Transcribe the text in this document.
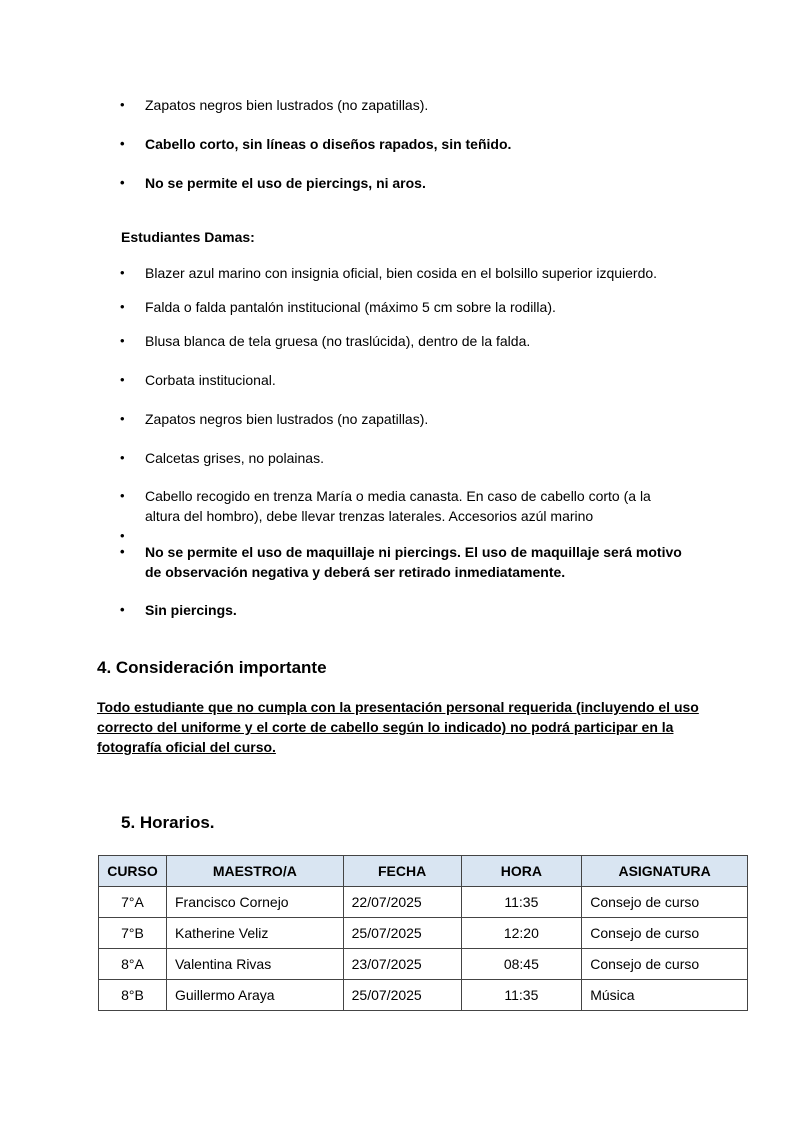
• Zapatos negros bien lustrados (no zapatillas).
• Cabello corto, sin líneas o diseños rapados, sin teñido.
• No se permite el uso de piercings, ni aros.
Estudiantes Damas:
• Blazer azul marino con insignia oficial, bien cosida en el bolsillo superior izquierdo.
• Falda o falda pantalón institucional (máximo 5 cm sobre la rodilla).
• Blusa blanca de tela gruesa (no traslúcida), dentro de la falda.
• Corbata institucional.
• Zapatos negros bien lustrados (no zapatillas).
• Calcetas grises, no polainas.
• Cabello recogido en trenza María o media canasta. En caso de cabello corto (a la altura del hombro), debe llevar trenzas laterales. Accesorios azúl marino
•
• No se permite el uso de maquillaje ni piercings. El uso de maquillaje será motivo de observación negativa y deberá ser retirado inmediatamente.
• Sin piercings.
4. Consideración importante
Todo estudiante que no cumpla con la presentación personal requerida (incluyendo el uso correcto del uniforme y el corte de cabello según lo indicado) no podrá participar en la fotografía oficial del curso.
5. Horarios.
CURSO	MAESTRO/A	FECHA	HORA	ASIGNATURA
7°A	Francisco Cornejo	22/07/2025	11:35	Consejo de curso
7°B	Katherine Veliz	25/07/2025	12:20	Consejo de curso
8°A	Valentina Rivas	23/07/2025	08:45	Consejo de curso
8°B	Guillermo Araya	25/07/2025	11:35	Música
